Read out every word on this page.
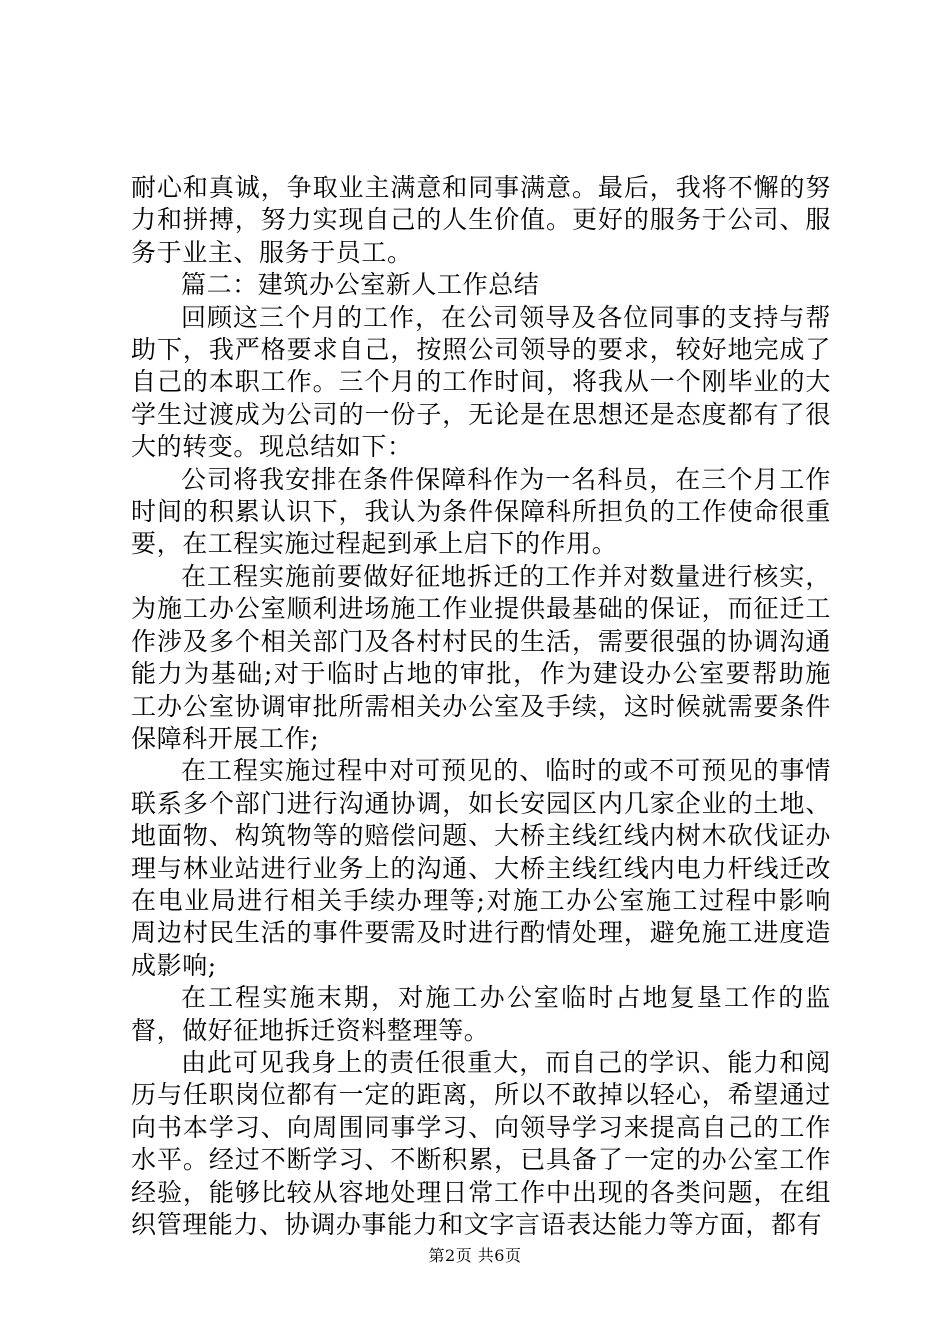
耐心和真诚，争取业主满意和同事满意。最后，我将不懈的努力和拼搏，努力实现自己的人生价值。更好的服务于公司、服务于业主、服务于员工。

篇二：建筑办公室新人工作总结

回顾这三个月的工作，在公司领导及各位同事的支持与帮助下，我严格要求自己，按照公司领导的要求，较好地完成了自己的本职工作。三个月的工作时间，将我从一个刚毕业的大学生过渡成为公司的一份子，无论是在思想还是态度都有了很大的转变。现总结如下：

公司将我安排在条件保障科作为一名科员，在三个月工作时间的积累认识下，我认为条件保障科所担负的工作使命很重要，在工程实施过程起到承上启下的作用。

在工程实施前要做好征地拆迁的工作并对数量进行核实，为施工办公室顺利进场施工作业提供最基础的保证，而征迁工作涉及多个相关部门及各村村民的生活，需要很强的协调沟通能力为基础;对于临时占地的审批，作为建设办公室要帮助施工办公室协调审批所需相关办公室及手续，这时候就需要条件保障科开展工作;

在工程实施过程中对可预见的、临时的或不可预见的事情联系多个部门进行沟通协调，如长安园区内几家企业的土地、地面物、构筑物等的赔偿问题、大桥主线红线内树木砍伐证办理与林业站进行业务上的沟通、大桥主线红线内电力杆线迁改在电业局进行相关手续办理等;对施工办公室施工过程中影响周边村民生活的事件要需及时进行酌情处理，避免施工进度造成影响;

在工程实施末期，对施工办公室临时占地复垦工作的监督，做好征地拆迁资料整理等。

由此可见我身上的责任很重大，而自己的学识、能力和阅历与任职岗位都有一定的距离，所以不敢掉以轻心，希望通过向书本学习、向周围同事学习、向领导学习来提高自己的工作水平。经过不断学习、不断积累，已具备了一定的办公室工作经验，能够比较从容地处理日常工作中出现的各类问题，在组织管理能力、协调办事能力和文字言语表达能力等方面，都有

第2页 共6页
